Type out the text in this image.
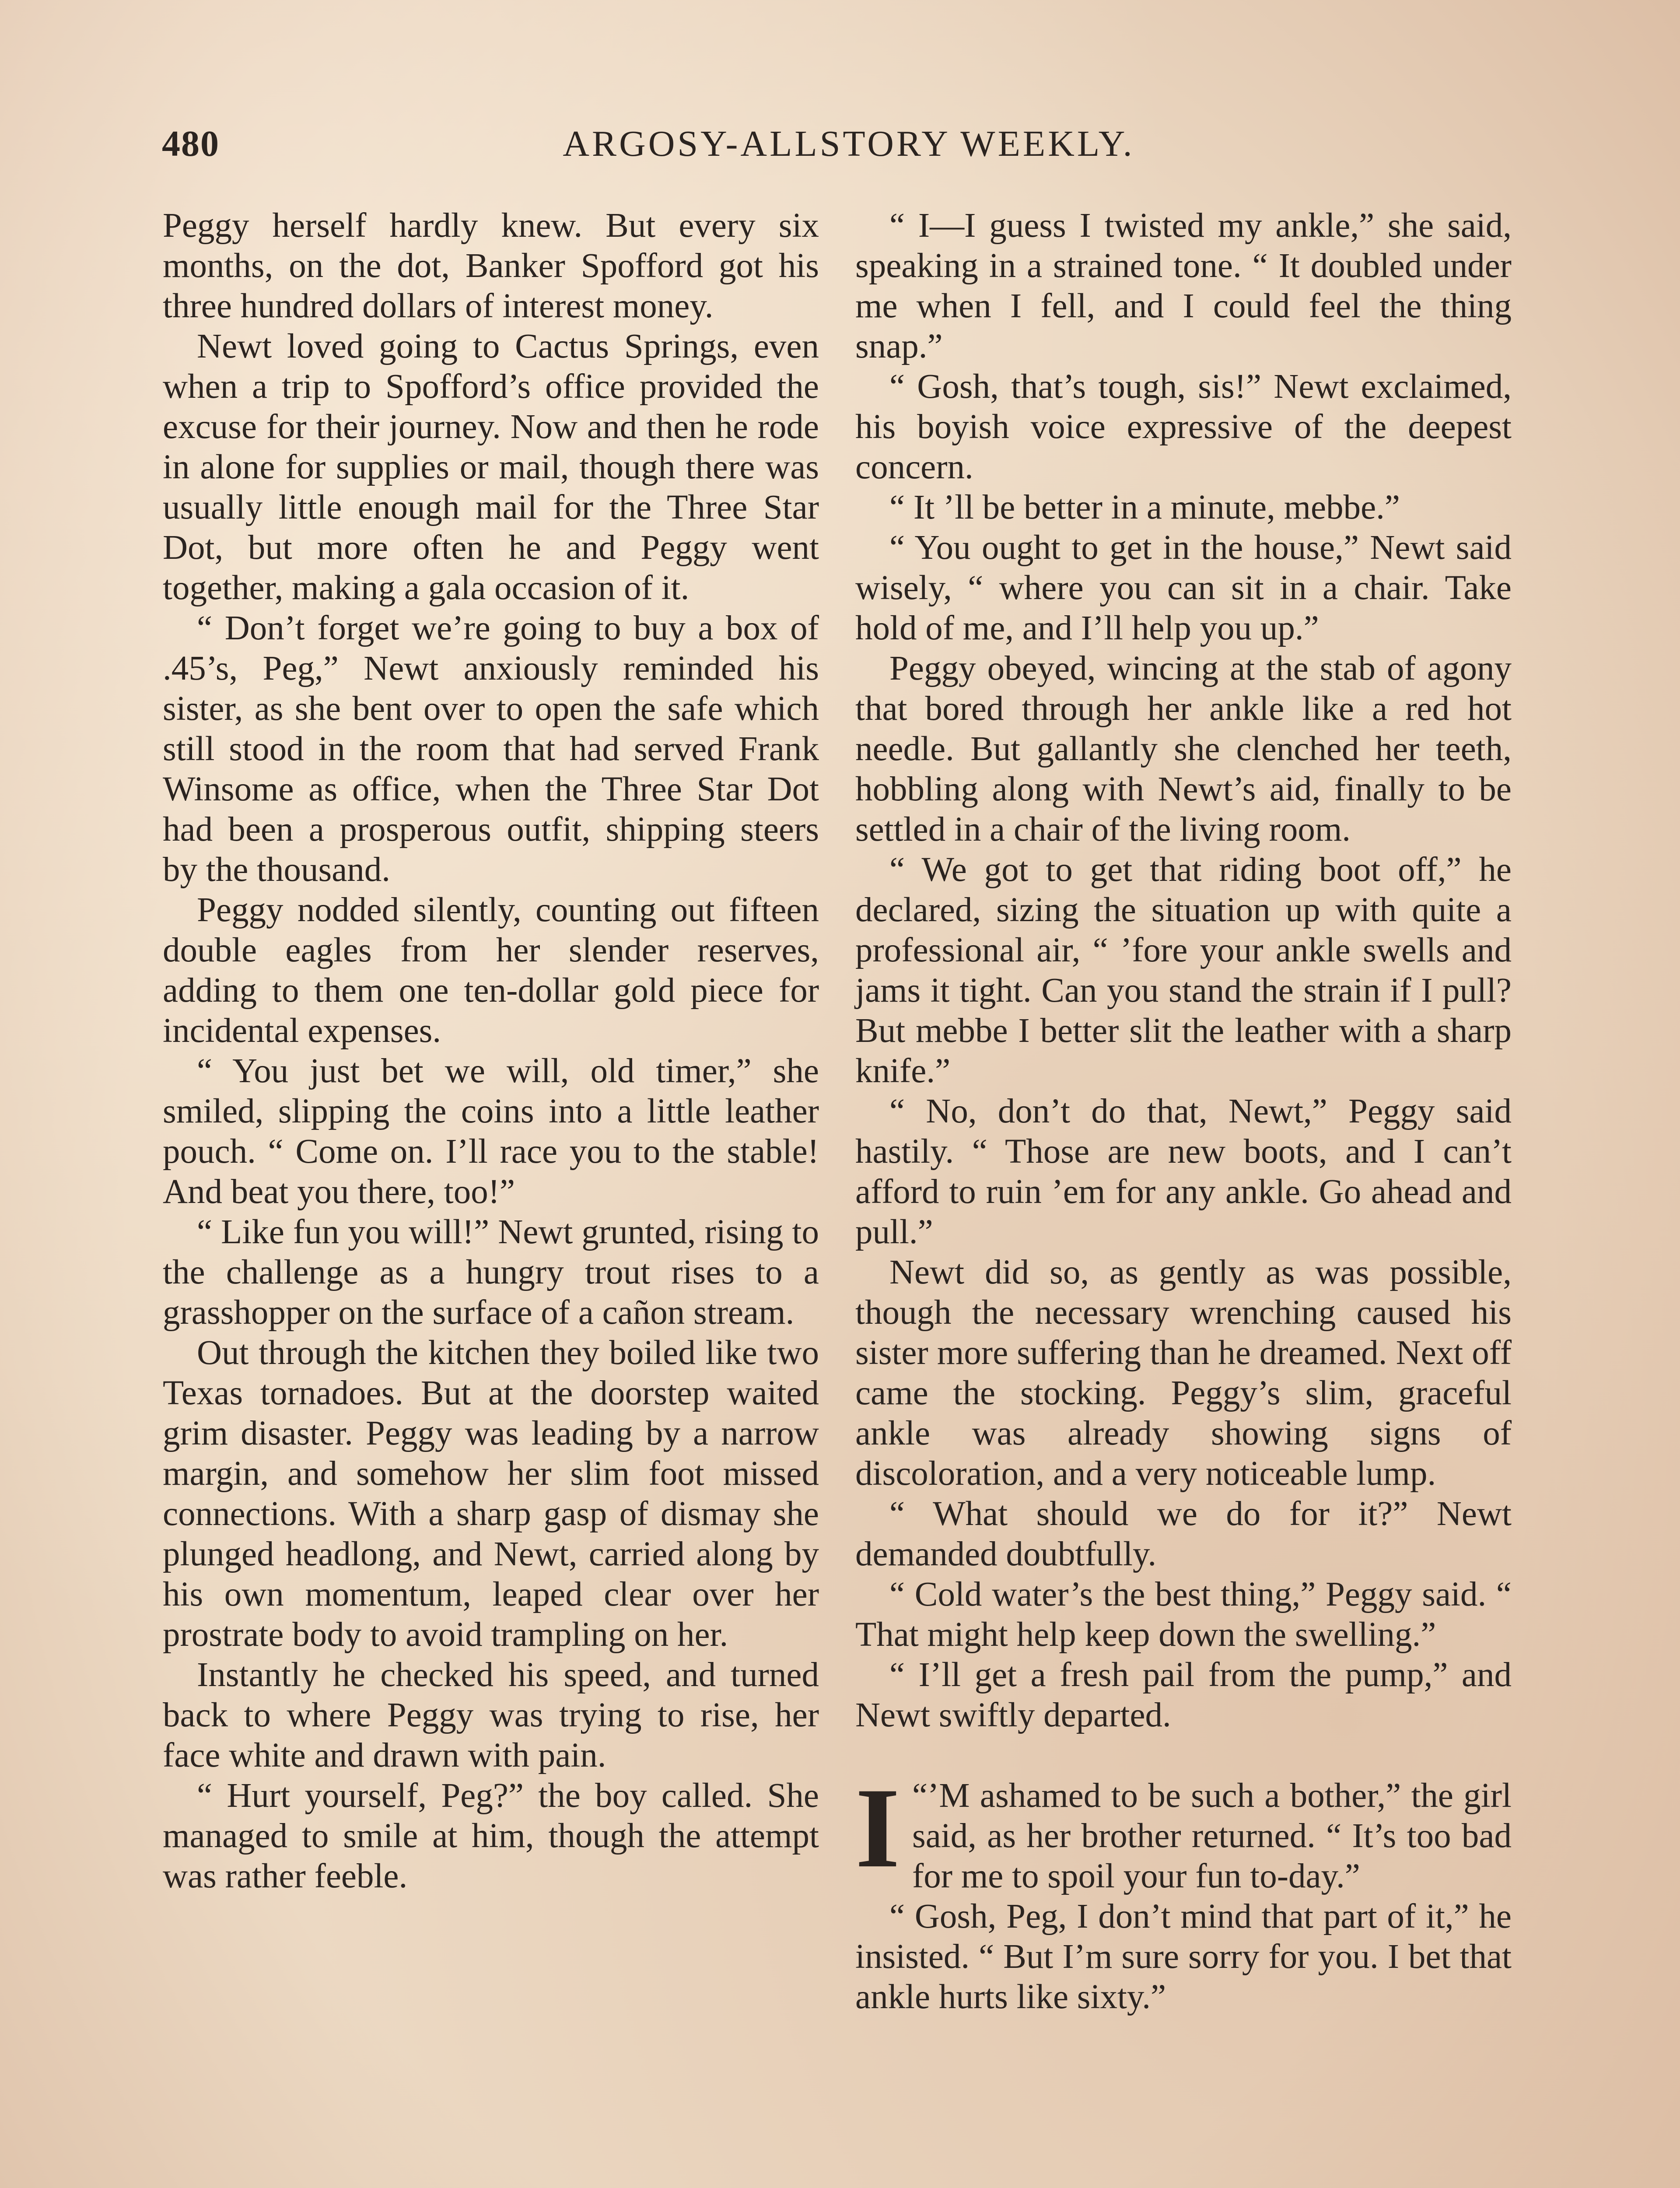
480	ARGOSY-ALLSTORY WEEKLY.

Peggy herself hardly knew. But every six months, on the dot, Banker Spofford got his three hundred dollars of interest money.

Newt loved going to Cactus Springs, even when a trip to Spofford’s office provided the excuse for their journey. Now and then he rode in alone for supplies or mail, though there was usually little enough mail for the Three Star Dot, but more often he and Peggy went together, making a gala occasion of it.

“ Don’t forget we’re going to buy a box of .45’s, Peg,” Newt anxiously reminded his sister, as she bent over to open the safe which still stood in the room that had served Frank Winsome as office, when the Three Star Dot had been a prosperous outfit, shipping steers by the thousand.

Peggy nodded silently, counting out fifteen double eagles from her slender reserves, adding to them one ten-dollar gold piece for incidental expenses.

“ You just bet we will, old timer,” she smiled, slipping the coins into a little leather pouch. “ Come on. I’ll race you to the stable! And beat you there, too!”

“ Like fun you will!” Newt grunted, rising to the challenge as a hungry trout rises to a grasshopper on the surface of a cañon stream.

Out through the kitchen they boiled like two Texas tornadoes. But at the doorstep waited grim disaster. Peggy was leading by a narrow margin, and somehow her slim foot missed connections. With a sharp gasp of dismay she plunged headlong, and Newt, carried along by his own momentum, leaped clear over her prostrate body to avoid trampling on her.

Instantly he checked his speed, and turned back to where Peggy was trying to rise, her face white and drawn with pain.

“ Hurt yourself, Peg?” the boy called. She managed to smile at him, though the attempt was rather feeble.

“ I—I guess I twisted my ankle,” she said, speaking in a strained tone. “ It doubled under me when I fell, and I could feel the thing snap.”

“ Gosh, that’s tough, sis!” Newt exclaimed, his boyish voice expressive of the deepest concern.

“ It ’ll be better in a minute, mebbe.”

“ You ought to get in the house,” Newt said wisely, “ where you can sit in a chair. Take hold of me, and I’ll help you up.”

Peggy obeyed, wincing at the stab of agony that bored through her ankle like a red hot needle. But gallantly she clenched her teeth, hobbling along with Newt’s aid, finally to be settled in a chair of the living room.

“ We got to get that riding boot off,” he declared, sizing the situation up with quite a professional air, “ ’fore your ankle swells and jams it tight. Can you stand the strain if I pull? But mebbe I better slit the leather with a sharp knife.”

“ No, don’t do that, Newt,” Peggy said hastily. “ Those are new boots, and I can’t afford to ruin ’em for any ankle. Go ahead and pull.”

Newt did so, as gently as was possible, though the necessary wrenching caused his sister more suffering than he dreamed. Next off came the stocking. Peggy’s slim, graceful ankle was already showing signs of discoloration, and a very noticeable lump.

“ What should we do for it?” Newt demanded doubtfully.

“ Cold water’s the best thing,” Peggy said. “ That might help keep down the swelling.”

“ I’ll get a fresh pail from the pump,” and Newt swiftly departed.

“
I ’M ashamed to be such a bother,” the girl said, as her brother returned. “ It’s too bad for me to spoil your fun to-day.”

“ Gosh, Peg, I don’t mind that part of it,” he insisted. “ But I’m sure sorry for you. I bet that ankle hurts like sixty.”
